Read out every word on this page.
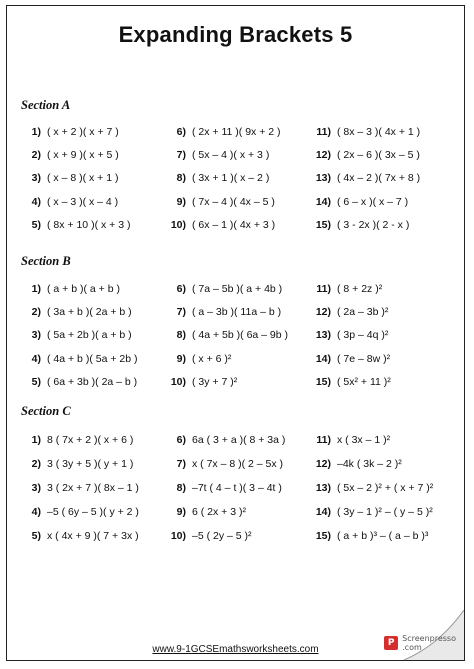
Expanding Brackets 5
Section A
1) ( x + 2 )( x + 7 )
2) ( x + 9 )( x + 5 )
3) ( x – 8 )( x + 1 )
4) ( x – 3 )( x – 4 )
5) ( 8x + 10 )( x + 3 )
6) ( 2x + 11 )( 9x + 2 )
7) ( 5x – 4 )( x + 3 )
8) ( 3x + 1 )( x – 2 )
9) ( 7x – 4 )( 4x – 5 )
10) ( 6x – 1 )( 4x + 3 )
11) ( 8x – 3 )( 4x + 1 )
12) ( 2x – 6 )( 3x – 5 )
13) ( 4x – 2 )( 7x + 8 )
14) ( 6 – x )( x – 7 )
15) ( 3 - 2x )( 2 - x )
Section B
1) ( a + b )( a + b )
2) ( 3a + b )( 2a + b )
3) ( 5a + 2b )( a + b )
4) ( 4a + b )( 5a + 2b )
5) ( 6a + 3b )( 2a – b )
6) ( 7a – 5b )( a + 4b )
7) ( a – 3b )( 11a – b )
8) ( 4a + 5b )( 6a – 9b )
9) ( x + 6 )²
10) ( 3y + 7 )²
11) ( 8 + 2z )²
12) ( 2a – 3b )²
13) ( 3p – 4q )²
14) ( 7e – 8w )²
15) ( 5x² + 11 )²
Section C
1) 8 ( 7x + 2 )( x + 6 )
2) 3 ( 3y + 5 )( y + 1 )
3) 3 ( 2x + 7 )( 8x – 1 )
4) –5 ( 6y – 5 )( y + 2 )
5) x ( 4x + 9 )( 7 + 3x )
6) 6a ( 3 + a )( 8 + 3a )
7) x ( 7x – 8 )( 2 – 5x )
8) –7t ( 4 – t )( 3 – 4t )
9) 6 ( 2x + 3 )²
10) –5 ( 2y – 5 )²
11) x ( 3x – 1 )²
12) –4k ( 3k – 2 )²
13) ( 5x – 2 )² + ( x + 7 )²
14) ( 3y – 1 )² – ( y – 5 )²
15) ( a + b )³ – ( a – b )³
www.9-1GCSEmathsworksheets.com
P Screenpresso
.com
